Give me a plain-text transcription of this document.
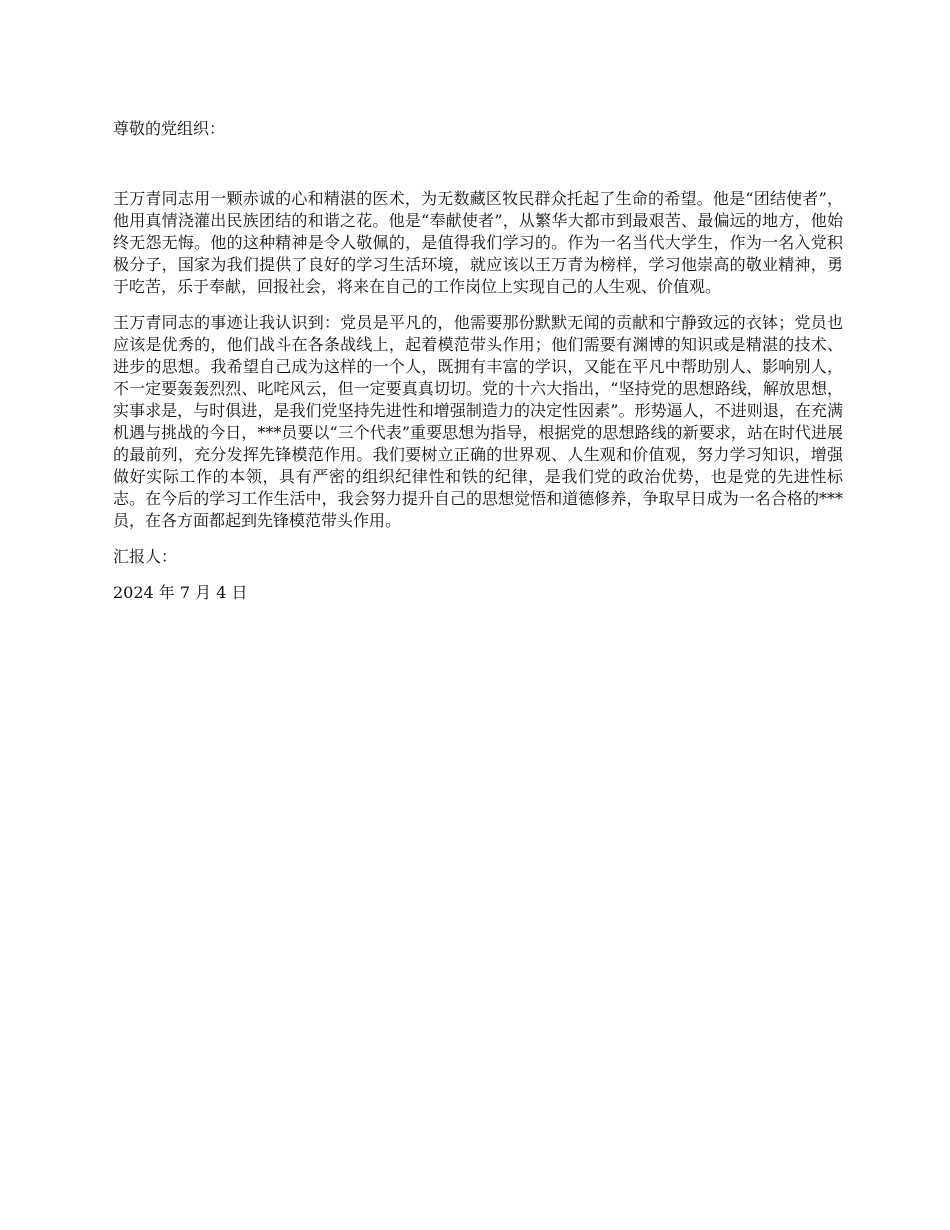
尊敬的党组织：

王万青同志用一颗赤诚的心和精湛的医术，为无数藏区牧民群众托起了生命的希望。他是“团结使者”，他用真情浇灌出民族团结的和谐之花。他是“奉献使者”，从繁华大都市到最艰苦、最偏远的地方，他始终无怨无悔。他的这种精神是令人敬佩的，是值得我们学习的。作为一名当代大学生，作为一名入党积极分子，国家为我们提供了良好的学习生活环境，就应该以王万青为榜样，学习他崇高的敬业精神，勇于吃苦，乐于奉献，回报社会，将来在自己的工作岗位上实现自己的人生观、价值观。

王万青同志的事迹让我认识到：党员是平凡的，他需要那份默默无闻的贡献和宁静致远的衣钵；党员也应该是优秀的，他们战斗在各条战线上，起着模范带头作用；他们需要有渊博的知识或是精湛的技术、进步的思想。我希望自己成为这样的一个人，既拥有丰富的学识，又能在平凡中帮助别人、影响别人，不一定要轰轰烈烈、叱咤风云，但一定要真真切切。党的十六大指出，“坚持党的思想路线，解放思想，实事求是，与时俱进，是我们党坚持先进性和增强制造力的决定性因素”。形势逼人，不进则退，在充满机遇与挑战的今日，***员要以“三个代表”重要思想为指导，根据党的思想路线的新要求，站在时代进展的最前列，充分发挥先锋模范作用。我们要树立正确的世界观、人生观和价值观，努力学习知识，增强做好实际工作的本领，具有严密的组织纪律性和铁的纪律，是我们党的政治优势，也是党的先进性标志。在今后的学习工作生活中，我会努力提升自己的思想觉悟和道德修养，争取早日成为一名合格的***员，在各方面都起到先锋模范带头作用。

汇报人：

2024 年 7 月 4 日
